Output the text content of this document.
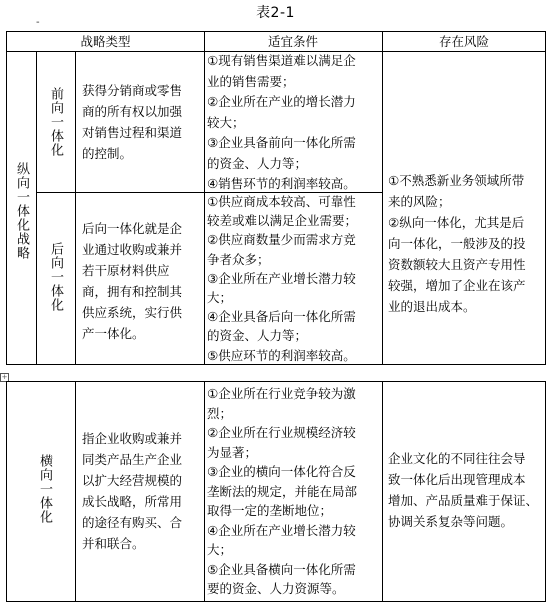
表2-1
-
战略类型	适宜条件	存在风险
纵向一体化战略
前向一体化 获得分销商或零售
商的所有权以加强
对销售过程和渠道
的控制。
①现有销售渠道难以满足企
业的销售需要；
②企业所在产业的增长潜力
较大；
③企业具备前向一体化所需
的资金、人力等；
④销售环节的利润率较高。
后向一体化
后向一体化就是企
业通过收购或兼并
若干原材料供应
商，拥有和控制其
供应系统，实行供
产一体化。
①供应商成本较高、可靠性
较差或难以满足企业需要；
②供应商数量少而需求方竞
争者众多；
③企业所在产业增长潜力较
大；
④企业具备后向一体化所需
的资金、人力等；
⑤供应环节的利润率较高。
①不熟悉新业务领域所带
来的风险；
②纵向一体化，尤其是后
向一体化，一般涉及的投
资数额较大且资产专用性
较强，增加了企业在该产
业的退出成本。
+
横向一体化
指企业收购或兼并
同类产品生产企业
以扩大经营规模的
成长战略，所常用
的途径有购买、合
并和联合。
①企业所在行业竞争较为激
烈；
②企业所在行业规模经济较
为显著；
③企业的横向一体化符合反
垄断法的规定，并能在局部
取得一定的垄断地位；
④企业所在产业增长潜力较
大；
⑤企业具备横向一体化所需
要的资金、人力资源等。
企业文化的不同往往会导
致一体化后出现管理成本
增加、产品质量难于保证、
协调关系复杂等问题。
